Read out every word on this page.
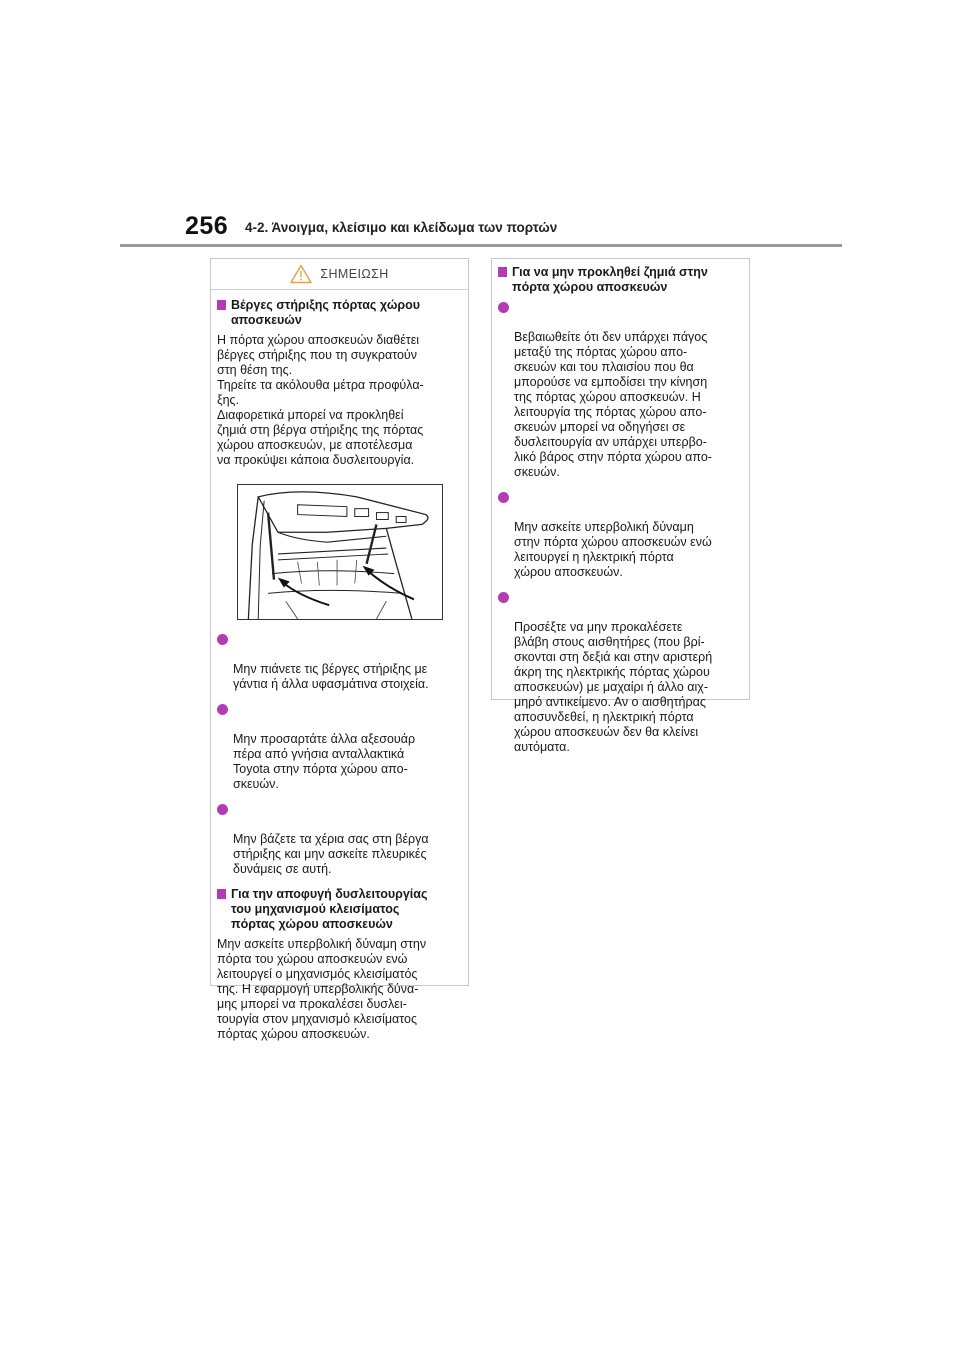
256 4-2. Άνοιγμα, κλείσιμο και κλείδωμα των πορτών
ΣΗΜΕΙΩΣΗ
Βέργες στήριξης πόρτας χώρου
αποσκευών
Η πόρτα χώρου αποσκευών διαθέτει
βέργες στήριξης που τη συγκρατούν
στη θέση της.
Τηρείτε τα ακόλουθα μέτρα προφύλα-
ξης.
Διαφορετικά μπορεί να προκληθεί
ζημιά στη βέργα στήριξης της πόρτας
χώρου αποσκευών, με αποτέλεσμα
να προκύψει κάποια δυσλειτουργία.

Μην πιάνετε τις βέργες στήριξης με
γάντια ή άλλα υφασμάτινα στοιχεία.

Μην προσαρτάτε άλλα αξεσουάρ
πέρα από γνήσια ανταλλακτικά
Toyota στην πόρτα χώρου απο-
σκευών.

Μην βάζετε τα χέρια σας στη βέργα
στήριξης και μην ασκείτε πλευρικές
δυνάμεις σε αυτή.

Για την αποφυγή δυσλειτουργίας
του μηχανισμού κλεισίματος
πόρτας χώρου αποσκευών
Μην ασκείτε υπερβολική δύναμη στην
πόρτα του χώρου αποσκευών ενώ
λειτουργεί ο μηχανισμός κλεισίματός
της. Η εφαρμογή υπερβολικής δύνα-
μης μπορεί να προκαλέσει δυσλει-
τουργία στον μηχανισμό κλεισίματος
πόρτας χώρου αποσκευών.
Για να μην προκληθεί ζημιά στην
πόρτα χώρου αποσκευών

Βεβαιωθείτε ότι δεν υπάρχει πάγος
μεταξύ της πόρτας χώρου απο-
σκευών και του πλαισίου που θα
μπορούσε να εμποδίσει την κίνηση
της πόρτας χώρου αποσκευών. Η
λειτουργία της πόρτας χώρου απο-
σκευών μπορεί να οδηγήσει σε
δυσλειτουργία αν υπάρχει υπερβο-
λικό βάρος στην πόρτα χώρου απο-
σκευών.

Μην ασκείτε υπερβολική δύναμη
στην πόρτα χώρου αποσκευών ενώ
λειτουργεί η ηλεκτρική πόρτα
χώρου αποσκευών.

Προσέξτε να μην προκαλέσετε
βλάβη στους αισθητήρες (που βρί-
σκονται στη δεξιά και στην αριστερή
άκρη της ηλεκτρικής πόρτας χώρου
αποσκευών) με μαχαίρι ή άλλο αιχ-
μηρό αντικείμενο. Αν ο αισθητήρας
αποσυνδεθεί, η ηλεκτρική πόρτα
χώρου αποσκευών δεν θα κλείνει
αυτόματα.
